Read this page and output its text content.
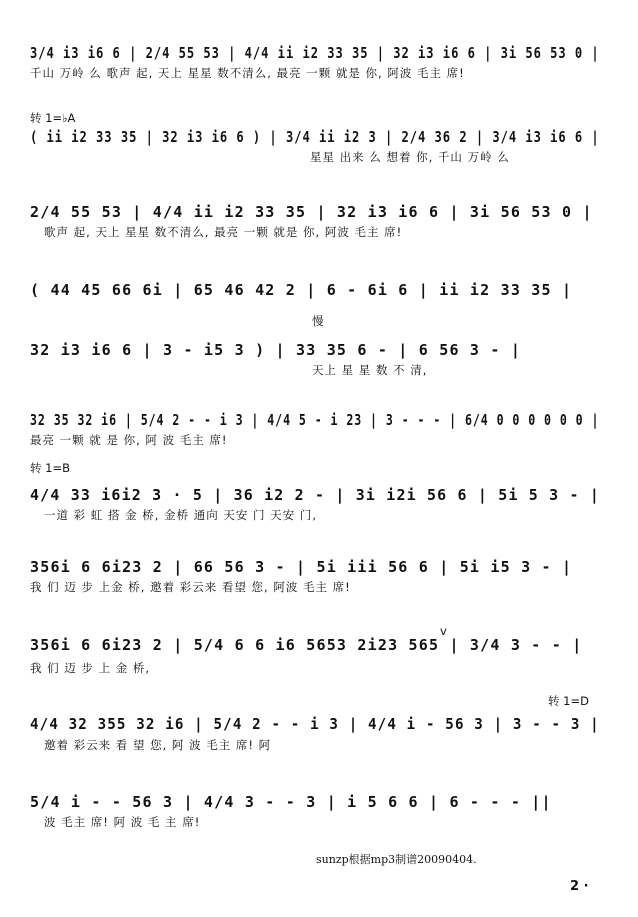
3/4 i3 i6 6 | 2/4 55 53 | 4/4 ii i2 33 35 | 32 i3 i6 6 | 3i 56 53 0 |
千山 万岭 么 歌声 起, 天上 星星 数不清么, 最亮 一颗 就是 你, 阿波 毛主 席!
转 1=♭A
( ii i2 33 35 | 32 i3 i6 6 ) | 3/4 ii i2 3 | 2/4 36 2 | 3/4 i3 i6 6 |
星星 出来 么 想着 你, 千山 万岭 么
2/4 55 53 | 4/4 ii i2 33 35 | 32 i3 i6 6 | 3i 56 53 0 |
歌声 起, 天上 星星 数不清么, 最亮 一颗 就是 你, 阿波 毛主 席!
( 44 45 66 6i | 65 46 42 2 | 6 - 6i 6 | ii i2 33 35 |
慢
32 i3 i6 6 | 3 - i5 3 ) | 33 35 6 - | 6 56 3 - |
天上 星 星 数 不 清,
32 35 32 i6 | 5/4 2 - - i 3 | 4/4 5 - i 23 | 3 - - - | 6/4 0 0 0 0 0 0 |
最亮 一颗 就 是 你, 阿 波 毛主 席!
转 1=B
4/4 33 i6i2 3 · 5 | 36 i2 2 - | 3i i2i 56 6 | 5i 5 3 - |
一道 彩 虹 搭 金 桥, 金桥 通向 天安 门 天安 门,
356i 6 6i23 2 | 66 56 3 - | 5i iii 56 6 | 5i i5 3 - |
我 们 迈 步 上金 桥, 邀着 彩云来 看望 您, 阿波 毛主 席!
356i 6 6i23 2 | 5/4 6 6 i6 5653 2i23 565 | 3/4 3 - - |
v
我 们 迈 步 上 金 桥,
转 1=D
4/4 32 355 32 i6 | 5/4 2 - - i 3 | 4/4 i - 56 3 | 3 - - 3 |
邀着 彩云来 看 望 您, 阿 波 毛主 席! 阿
5/4 i - - 56 3 | 4/4 3 - - 3 | i 5 6 6 | 6 - - - ||
波 毛主 席! 阿 波 毛 主 席!
sunzp根据mp3制谱20090404.
2 ·
